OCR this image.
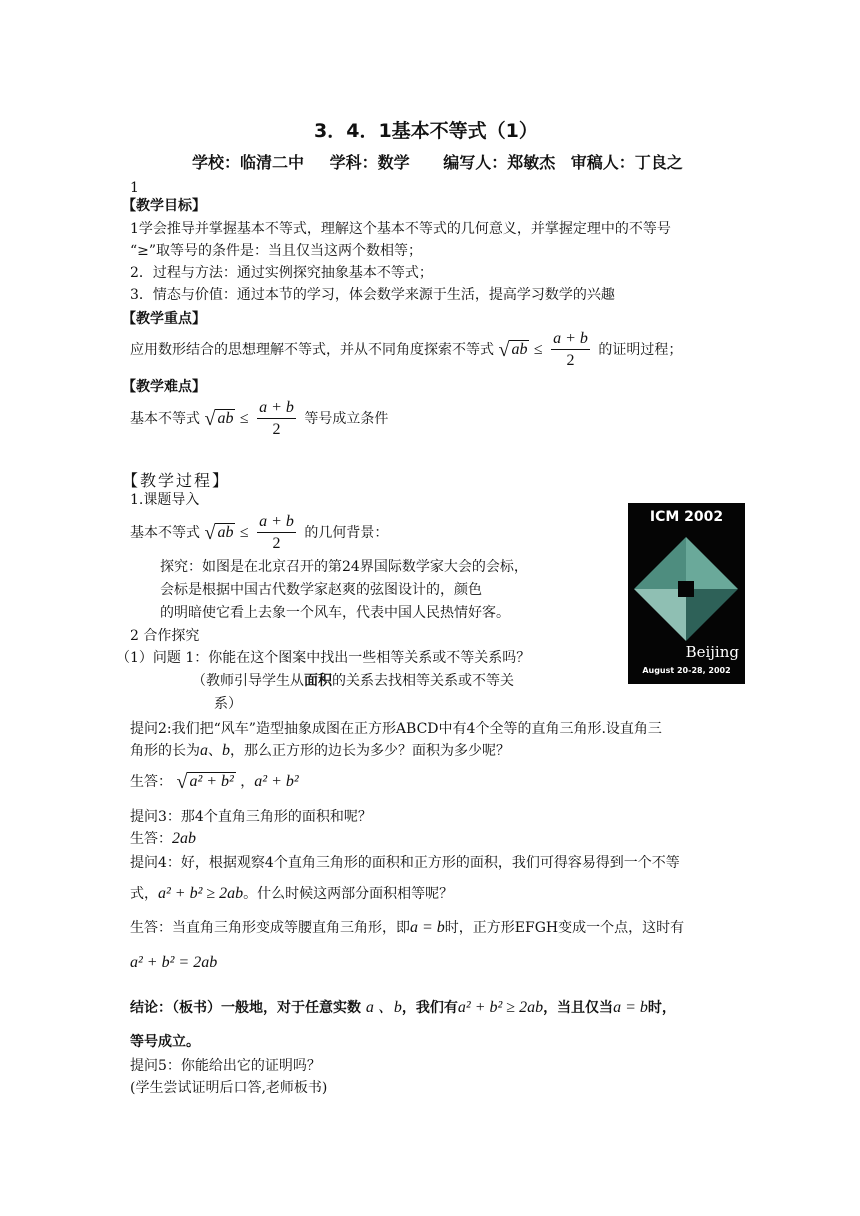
3．4．1基本不等式（1）
学校：临清二中 学科：数学 编写人：郑敏杰 审稿人：丁良之
1
【教学目标】
1学会推导并掌握基本不等式，理解这个基本不等式的几何意义，并掌握定理中的不等号
“≥”取等号的条件是：当且仅当这两个数相等；
2．过程与方法：通过实例探究抽象基本不等式；
3．情态与价值：通过本节的学习，体会数学来源于生活，提高学习数学的兴趣
【教学重点】
应用数形结合的思想理解不等式，并从不同角度探索不等式 √ ab ≤ $\frac{a + b}{2}$ 的证明过程；
【教学难点】
基本不等式 √ ab ≤ $\frac{a + b}{2}$ 等号成立条件
【教学过程】
1.课题导入
基本不等式 √ ab ≤ $\frac{a + b}{2}$ 的几何背景：
探究：如图是在北京召开的第24界国际数学家大会的会标，
会标是根据中国古代数学家赵爽的弦图设计的，颜色
的明暗使它看上去象一个风车，代表中国人民热情好客。
2 合作探究
（1）问题 1：你能在这个图案中找出一些相等关系或不等关系吗？
（教师引导学生从面积的关系去找相等关系或不等关
系）
提问2:我们把“风车”造型抽象成图在正方形ABCD中有4个全等的直角三角形.设直角三
角形的长为a、b，那么正方形的边长为多少？面积为多少呢？
生答： √ a² + b² ，a² + b²
提问3：那4个直角三角形的面积和呢？
生答：2ab
提问4：好，根据观察4个直角三角形的面积和正方形的面积，我们可得容易得到一个不等
式，a² + b² ≥ 2ab。什么时候这两部分面积相等呢？
生答：当直角三角形变成等腰直角三角形，即a = b时，正方形EFGH变成一个点，这时有
a² + b² = 2ab
结论：（板书）一般地，对于任意实数 a 、b，我们有a² + b² ≥ 2ab，当且仅当a = b时，
等号成立。
提问5：你能给出它的证明吗？
(学生尝试证明后口答,老师板书)
ICM 2002
Beijing
August 20-28, 2002
